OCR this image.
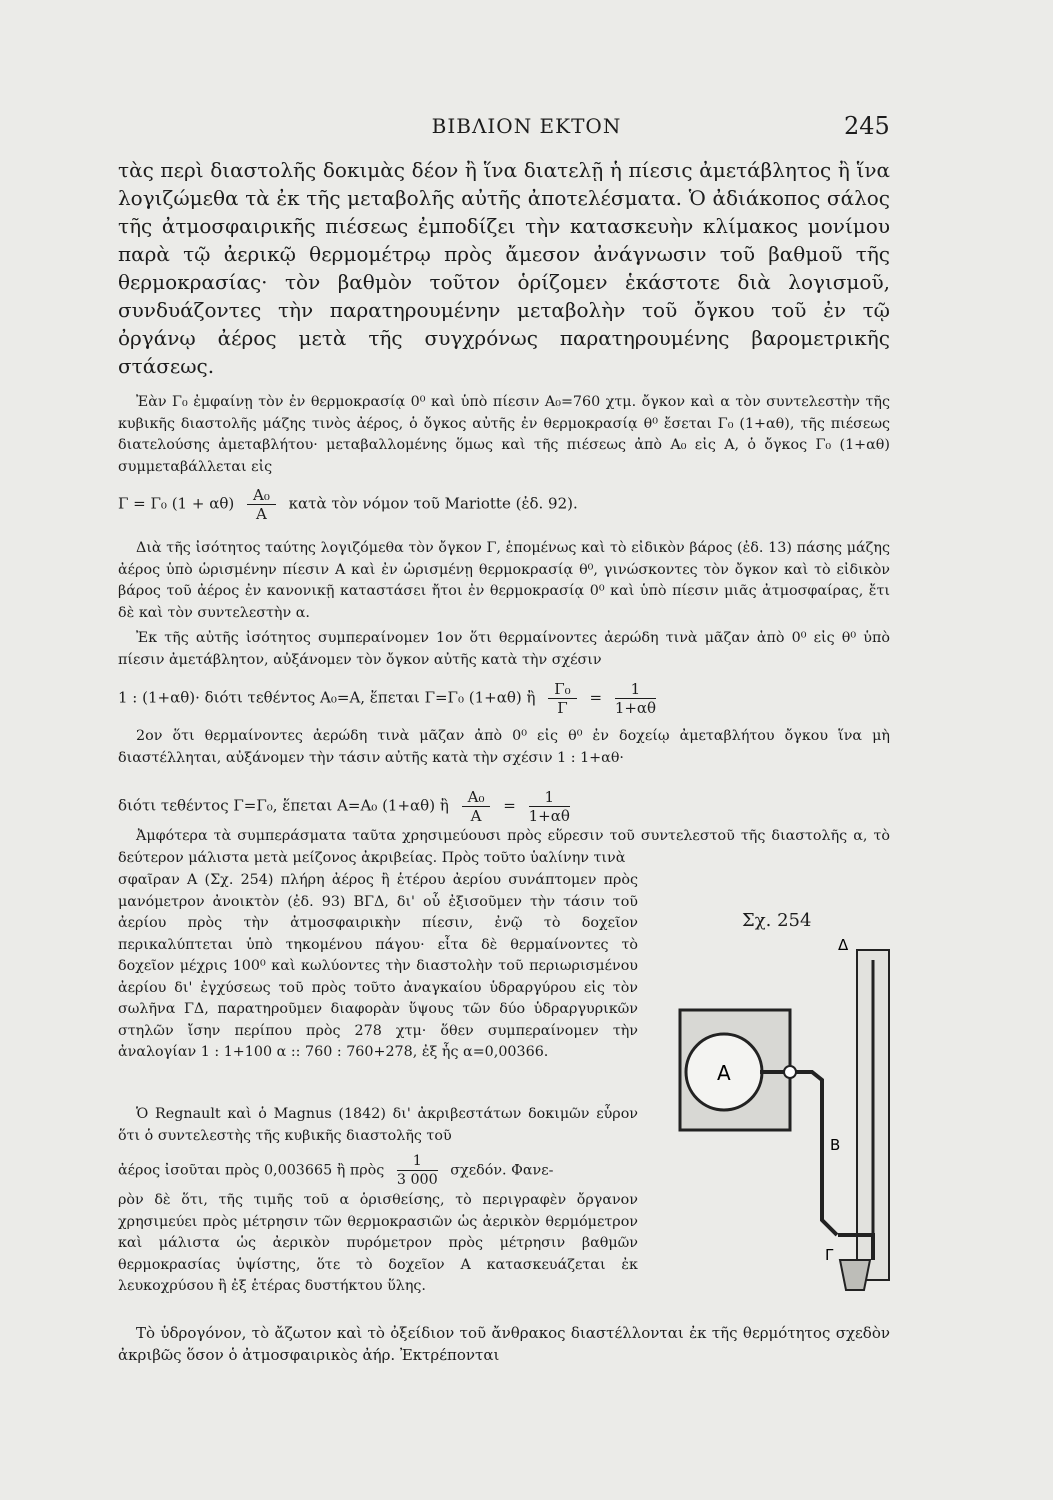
ΒΙΒΛΙΟΝ ΕΚΤΟΝ	245

τὰς περὶ διαστολῆς δοκιμὰς δέον ἢ ἵνα διατελῇ ἡ πίεσις ἀμετάβλητος ἢ ἵνα λογιζώμεθα τὰ ἐκ τῆς μεταβολῆς αὐτῆς ἀποτελέσματα. Ὁ ἀδιάκοπος σάλος τῆς ἀτμοσφαιρικῆς πιέσεως ἐμποδίζει τὴν κατασκευὴν κλίμακος μονίμου παρὰ τῷ ἀερικῷ θερμομέτρῳ πρὸς ἄμεσον ἀνάγνωσιν τοῦ βαθμοῦ τῆς θερμοκρασίας· τὸν βαθμὸν τοῦτον ὁρίζομεν ἑκάστοτε διὰ λογισμοῦ, συνδυάζοντες τὴν παρατηρουμένην μεταβολὴν τοῦ ὄγκου τοῦ ἐν τῷ ὀργάνῳ ἀέρος μετὰ τῆς συγχρόνως παρατηρουμένης βαρομετρικῆς στάσεως.

Ἐὰν Γ₀ ἐμφαίνῃ τὸν ἐν θερμοκρασίᾳ 0⁰ καὶ ὑπὸ πίεσιν Α₀=760 χτμ. ὄγκον καὶ α τὸν συντελεστὴν τῆς κυβικῆς διαστολῆς μάζης τινὸς ἀέρος, ὁ ὄγκος αὐτῆς ἐν θερμοκρασίᾳ θ⁰ ἔσεται Γ₀ (1+αθ), τῆς πιέσεως διατελούσης ἀμεταβλήτου· μεταβαλλομένης ὅμως καὶ τῆς πιέσεως ἀπὸ Α₀ εἰς Α, ὁ ὄγκος Γ₀ (1+αθ) συμμεταβάλλεται εἰς

Γ = Γ₀ $(1 + \alpha\theta) \frac{\text{Α₀}}{A}$ κατὰ τὸν νόμον τοῦ Mariotte (ἐδ. 92).

Διὰ τῆς ἰσότητος ταύτης λογιζόμεθα τὸν ὄγκον Γ, ἑπομένως καὶ τὸ εἰδικὸν βάρος (ἐδ. 13) πάσης μάζης ἀέρος ὑπὸ ὡρισμένην πίεσιν Α καὶ ἐν ὡρισμένῃ θερμοκρασίᾳ θ⁰, γινώσκοντες τὸν ὄγκον καὶ τὸ εἰδικὸν βάρος τοῦ ἀέρος ἐν κανονικῇ καταστάσει ἤτοι ἐν θερμοκρασίᾳ 0⁰ καὶ ὑπὸ πίεσιν μιᾶς ἀτμοσφαίρας, ἔτι δὲ καὶ τὸν συντελεστὴν α.

Ἐκ τῆς αὐτῆς ἰσότητος συμπεραίνομεν 1ον ὅτι θερμαίνοντες ἀερώδη τινὰ μᾶζαν ἀπὸ 0⁰ εἰς θ⁰ ὑπὸ πίεσιν ἀμετάβλητον, αὐξάνομεν τὸν ὄγκον αὐτῆς κατὰ τὴν σχέσιν

1 : (1+αθ)· διότι τεθέντος Α₀=Α, ἕπεται Γ=Γ₀ (1+αθ) ἢ $\frac{\text{Γ₀}}{\Gamma} = \frac{1}{1+\alpha\theta}$

2ον ὅτι θερμαίνοντες ἀερώδη τινὰ μᾶζαν ἀπὸ 0⁰ εἰς θ⁰ ἐν δοχείῳ ἀμεταβλήτου ὄγκου ἵνα μὴ διαστέλληται, αὐξάνομεν τὴν τάσιν αὐτῆς κατὰ τὴν σχέσιν 1 : 1+αθ·

διότι τεθέντος Γ=Γ₀, ἕπεται Α=Α₀ (1+αθ) ἢ $\frac{\text{Α₀}}{A} = \frac{1}{1+\alpha\theta}$

Ἀμφότερα τὰ συμπεράσματα ταῦτα χρησιμεύουσι πρὸς εὕρεσιν τοῦ συντελεστοῦ τῆς διαστολῆς α, τὸ δεύτερον μάλιστα μετὰ μείζονος ἀκριβείας. Πρὸς τοῦτο ὑαλίνην τινὰ

σφαῖραν Α (Σχ. 254) πλήρη ἀέρος ἢ ἑτέρου ἀερίου συνάπτομεν πρὸς μανόμετρον ἀνοικτὸν (ἐδ. 93) ΒΓΔ, δι' οὗ ἐξισοῦμεν τὴν τάσιν τοῦ ἀερίου πρὸς τὴν ἀτμοσφαιρικὴν πίεσιν, ἐνῷ τὸ δοχεῖον περικαλύπτεται ὑπὸ τηκομένου πάγου· εἶτα δὲ θερμαίνοντες τὸ δοχεῖον μέχρις 100⁰ καὶ κωλύοντες τὴν διαστολὴν τοῦ περιωρισμένου ἀερίου δι' ἐγχύσεως τοῦ πρὸς τοῦτο ἀναγκαίου ὑδραργύρου εἰς τὸν σωλῆνα ΓΔ, παρατηροῦμεν διαφορὰν ὕψους τῶν δύο ὑδραργυρικῶν στηλῶν ἴσην περίπου πρὸς 278 χτμ· ὅθεν συμπεραίνομεν τὴν ἀναλογίαν 1 : 1+100 α :: 760 : 760+278, ἐξ ἧς α=0,00366.

Ὁ Regnault καὶ ὁ Magnus (1842) δι' ἀκριβεστάτων δοκιμῶν εὗρον ὅτι ὁ συντελεστὴς τῆς κυβικῆς διαστολῆς τοῦ

ἀέρος ἰσοῦται πρὸς 0,003665 ἢ πρὸς $\frac{1}{3 000} \sigma\chi\varepsilon\delta ό\nu$. Φανε-

ρὸν δὲ ὅτι, τῆς τιμῆς τοῦ α ὁρισθείσης, τὸ περιγραφὲν ὄργανον χρησιμεύει πρὸς μέτρησιν τῶν θερμοκρασιῶν ὡς ἀερικὸν θερμόμετρον καὶ μάλιστα ὡς ἀερικὸν πυρόμετρον πρὸς μέτρησιν βαθμῶν θερμοκρασίας ὑψίστης, ὅτε τὸ δοχεῖον Α κατασκευάζεται ἐκ λευκοχρύσου ἢ ἐξ ἑτέρας δυστήκτου ὕλης.

Τὸ ὑδρογόνον, τὸ ἄζωτον καὶ τὸ ὀξείδιον τοῦ ἄνθρακος διαστέλλονται ἐκ τῆς θερμότητος σχεδὸν ἀκριβῶς ὅσον ὁ ἀτμοσφαιρικὸς ἀήρ. Ἐκτρέπονται

Σχ. 254
Α
Β
Γ
Δ
